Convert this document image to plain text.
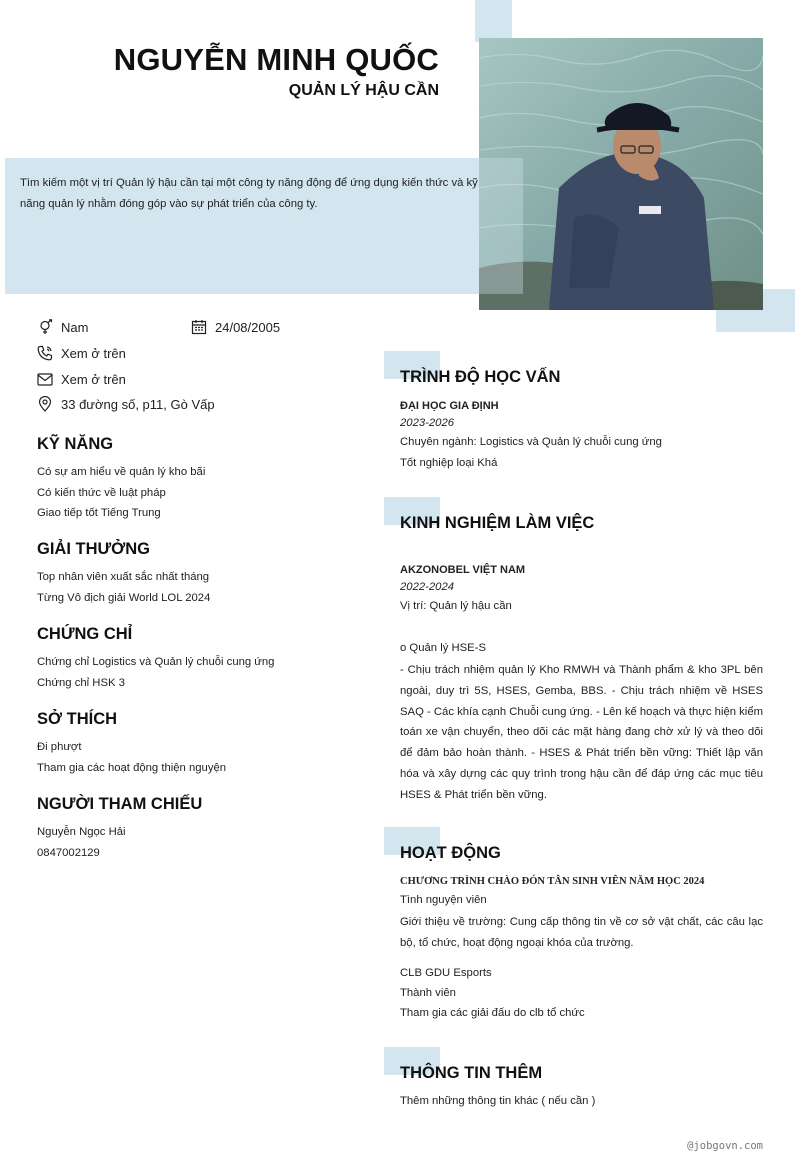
NGUYỄN MINH QUỐC
QUẢN LÝ HẬU CẦN
Tìm kiếm một vị trí Quản lý hậu cần tại một công ty năng động để ứng dụng kiến thức và kỹ năng quản lý nhằm đóng góp vào sự phát triển của công ty.
Nam	24/08/2005
Xem ở trên
Xem ở trên
33 đường số, p11, Gò Vấp
KỸ NĂNG
Có sự am hiểu về quản lý kho bãi
Có kiến thức về luật pháp
Giao tiếp tốt Tiếng Trung
GIẢI THƯỞNG
Top nhân viên xuất sắc nhất tháng
Từng Vô địch giải World LOL 2024
CHỨNG CHỈ
Chứng chỉ Logistics và Quản lý chuỗi cung ứng
Chứng chỉ HSK 3
SỞ THÍCH
Đi phượt
Tham gia các hoạt động thiện nguyện
NGƯỜI THAM CHIẾU
Nguyễn Ngọc Hải
0847002129
TRÌNH ĐỘ HỌC VẤN
ĐẠI HỌC GIA ĐỊNH
2023-2026
Chuyên ngành: Logistics và Quản lý chuỗi cung ứng
Tốt nghiệp loại Khá
KINH NGHIỆM LÀM VIỆC
AKZONOBEL VIỆT NAM
2022-2024
Vị trí: Quản lý hậu cần
o Quản lý HSE-S
- Chịu trách nhiệm quản lý Kho RMWH và Thành phẩm & kho 3PL bên ngoài, duy trì 5S, HSES, Gemba, BBS. - Chịu trách nhiệm về HSES SAQ - Các khía cạnh Chuỗi cung ứng. - Lên kế hoạch và thực hiện kiểm toán xe vận chuyển, theo dõi các mặt hàng đang chờ xử lý và theo dõi để đảm bảo hoàn thành. - HSES & Phát triển bền vững: Thiết lập văn hóa và xây dựng các quy trình trong hậu cần để đáp ứng các mục tiêu HSES & Phát triển bền vững.
HOẠT ĐỘNG
CHƯƠNG TRÌNH CHÀO ĐÓN TÂN SINH VIÊN NĂM HỌC 2024
Tình nguyện viên
Giới thiệu về trường: Cung cấp thông tin về cơ sở vật chất, các câu lạc bộ, tổ chức, hoạt động ngoại khóa của trường.
CLB GDU Esports
Thành viên
Tham gia các giải đấu do clb tổ chức
THÔNG TIN THÊM
Thêm những thông tin khác ( nếu cần )
@jobgovn.com
